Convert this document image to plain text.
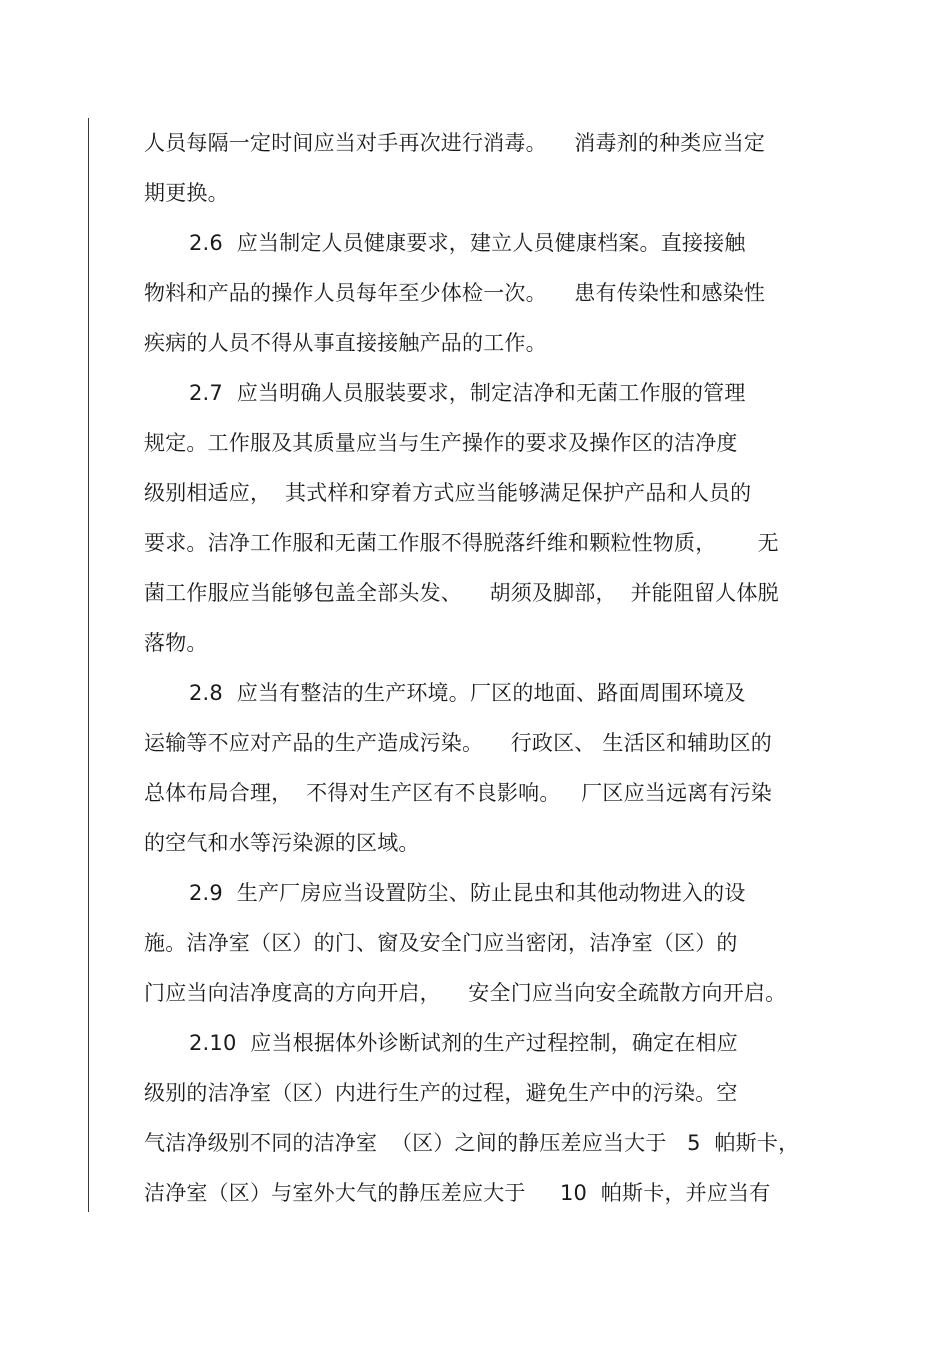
人员每隔一定时间应当对手再次进行消毒。    消毒剂的种类应当定
期更换。
2.6  应当制定人员健康要求，建立人员健康档案。直接接触
物料和产品的操作人员每年至少体检一次。    患有传染性和感染性
疾病的人员不得从事直接接触产品的工作。
2.7  应当明确人员服装要求，制定洁净和无菌工作服的管理
规定。工作服及其质量应当与生产操作的要求及操作区的洁净度
级别相适应，  其式样和穿着方式应当能够满足保护产品和人员的
要求。洁净工作服和无菌工作服不得脱落纤维和颗粒性物质，      无
菌工作服应当能够包盖全部头发、    胡须及脚部，  并能阻留人体脱
落物。
2.8  应当有整洁的生产环境。厂区的地面、路面周围环境及
运输等不应对产品的生产造成污染。    行政区、 生活区和辅助区的
总体布局合理，  不得对生产区有不良影响。   厂区应当远离有污染
的空气和水等污染源的区域。
2.9  生产厂房应当设置防尘、防止昆虫和其他动物进入的设
施。洁净室（区）的门、窗及安全门应当密闭，洁净室（区）的
门应当向洁净度高的方向开启，    安全门应当向安全疏散方向开启。
2.10  应当根据体外诊断试剂的生产过程控制，确定在相应
级别的洁净室（区）内进行生产的过程，避免生产中的污染。空
气洁净级别不同的洁净室  （区）之间的静压差应当大于   5  帕斯卡，
洁净室（区）与室外大气的静压差应大于     10  帕斯卡，并应当有
